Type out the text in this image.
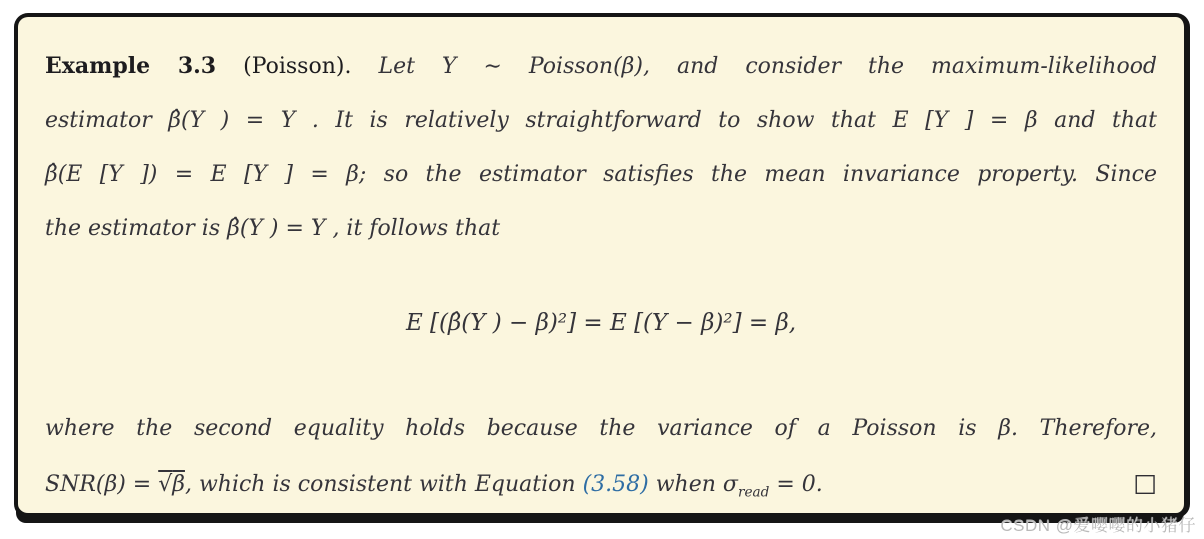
Example 3.3 (Poisson). Let Y ∼ Poisson(β), and consider the maximum-likelihood
estimator β̂(Y ) = Y . It is relatively straightforward to show that E [Y ] = β and that
β̂(E [Y ]) = E [Y ] = β; so the estimator satisfies the mean invariance property. Since
the estimator is β̂(Y ) = Y , it follows that
E [(β̂(Y ) − β)²] = E [(Y − β)²] = β,
where the second equality holds because the variance of a Poisson is β. Therefore,
SNR(β) = √β, which is consistent with Equation (3.58) when $\sigma_{read} = 0$.	□
CSDN @爱嘤嘤的小猪仔
